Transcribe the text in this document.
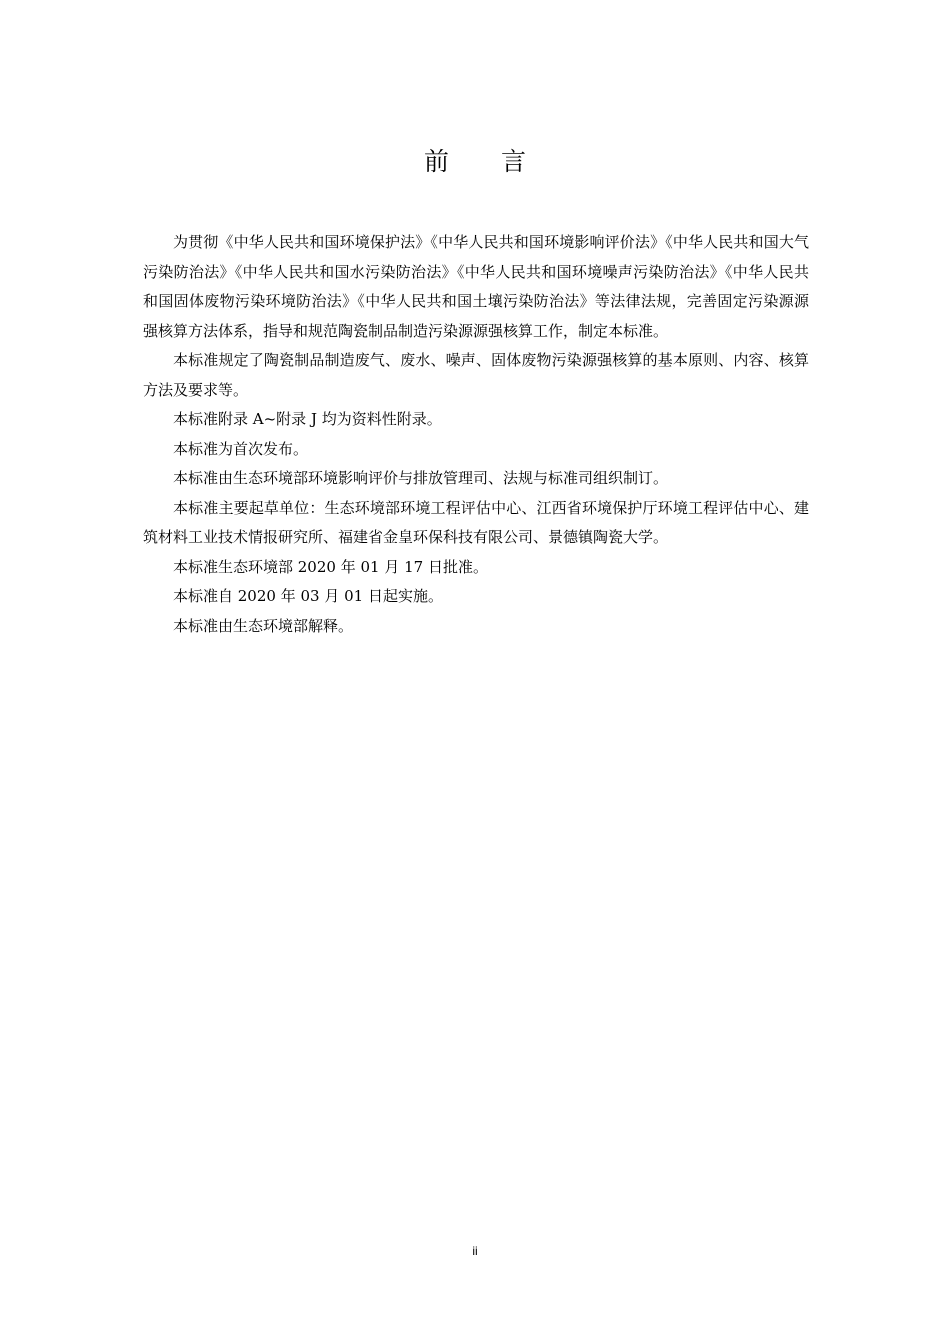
前 言

为贯彻《中华人民共和国环境保护法》《中华人民共和国环境影响评价法》《中华人民共和国大气污染防治法》《中华人民共和国水污染防治法》《中华人民共和国环境噪声污染防治法》《中华人民共和国固体废物污染环境防治法》《中华人民共和国土壤污染防治法》等法律法规，完善固定污染源源强核算方法体系，指导和规范陶瓷制品制造污染源源强核算工作，制定本标准。

本标准规定了陶瓷制品制造废气、废水、噪声、固体废物污染源强核算的基本原则、内容、核算方法及要求等。

本标准附录 A~附录 J 均为资料性附录。

本标准为首次发布。

本标准由生态环境部环境影响评价与排放管理司、法规与标准司组织制订。

本标准主要起草单位：生态环境部环境工程评估中心、江西省环境保护厅环境工程评估中心、建筑材料工业技术情报研究所、福建省金皇环保科技有限公司、景德镇陶瓷大学。

本标准生态环境部 2020 年 01 月 17 日批准。

本标准自 2020 年 03 月 01 日起实施。

本标准由生态环境部解释。

ii
